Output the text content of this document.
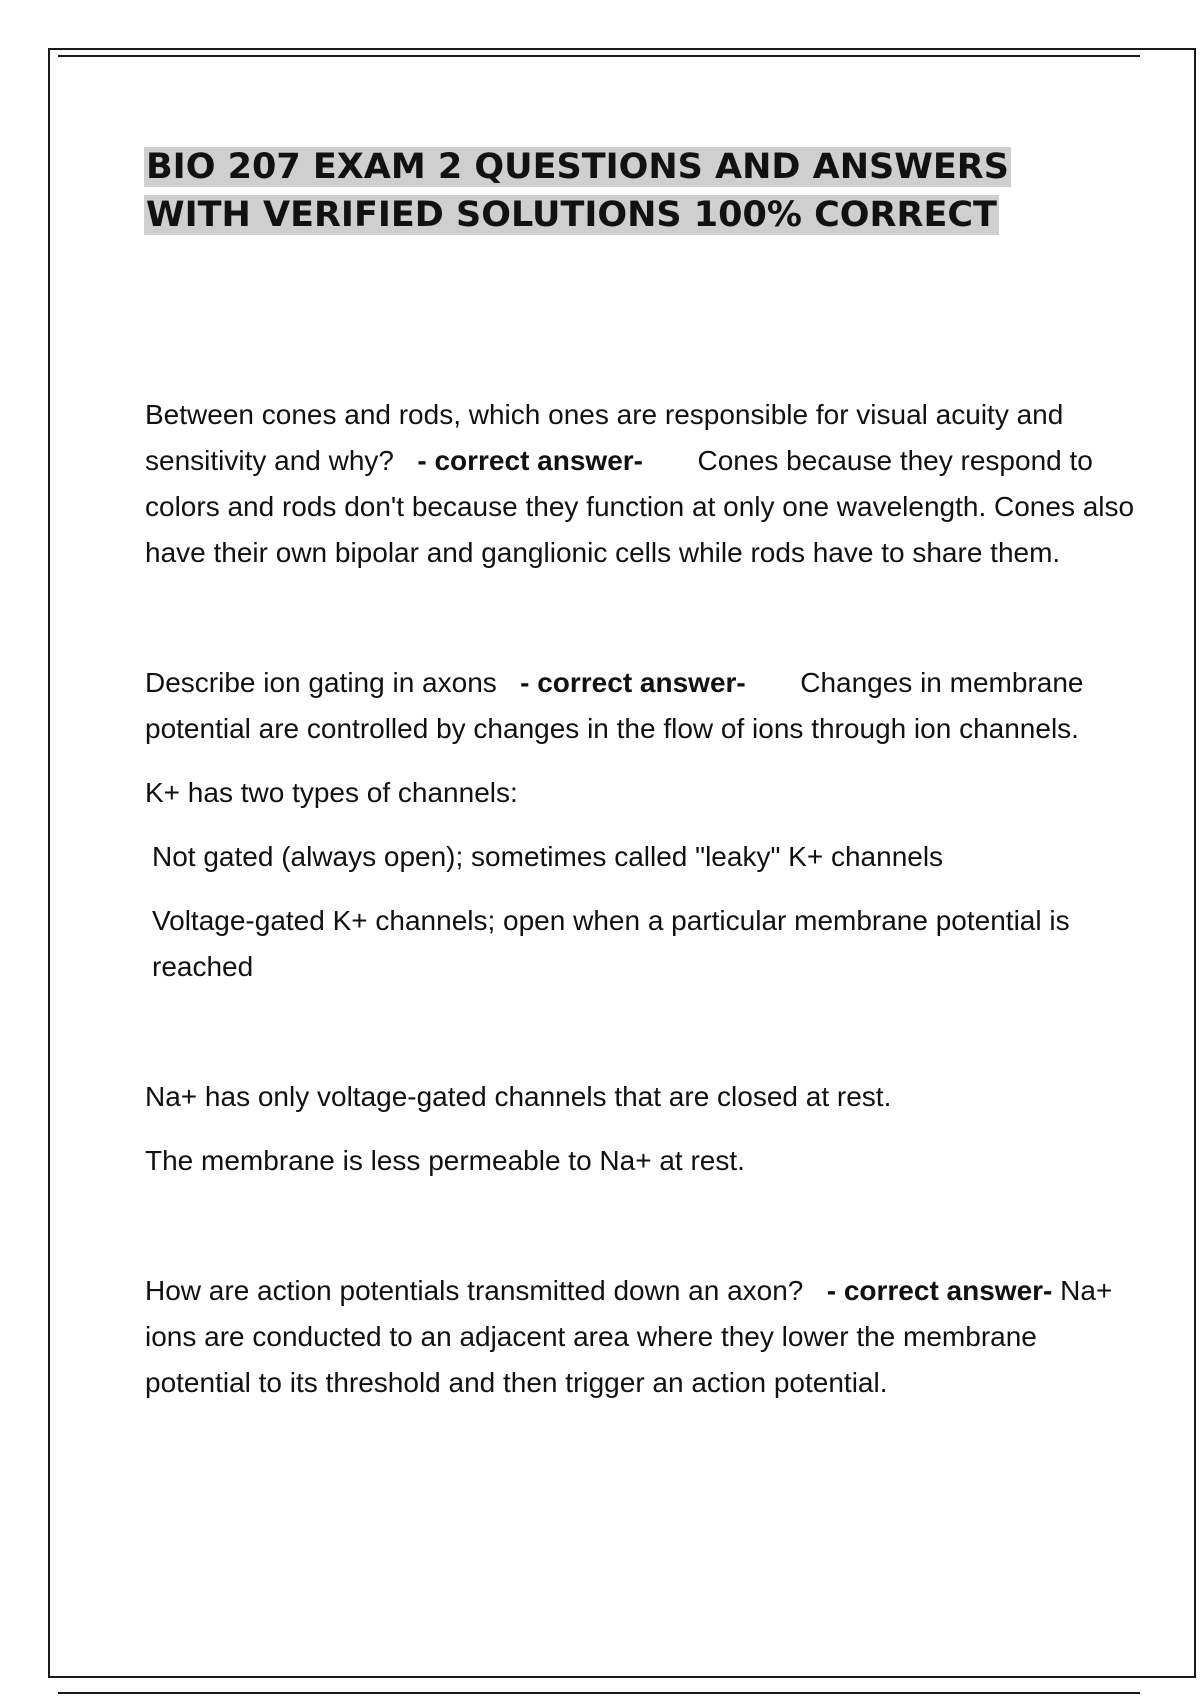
BIO 207 EXAM 2 QUESTIONS AND ANSWERS
WITH VERIFIED SOLUTIONS 100% CORRECT

Between cones and rods, which ones are responsible for visual acuity and sensitivity and why? - correct answer- Cones because they respond to colors and rods don't because they function at only one wavelength. Cones also have their own bipolar and ganglionic cells while rods have to share them.

Describe ion gating in axons - correct answer- Changes in membrane potential are controlled by changes in the flow of ions through ion channels.

K+ has two types of channels:

Not gated (always open); sometimes called "leaky" K+ channels

Voltage-gated K+ channels; open when a particular membrane potential is reached

Na+ has only voltage-gated channels that are closed at rest.

The membrane is less permeable to Na+ at rest.

How are action potentials transmitted down an axon? - correct answer- Na+ ions are conducted to an adjacent area where they lower the membrane potential to its threshold and then trigger an action potential.
